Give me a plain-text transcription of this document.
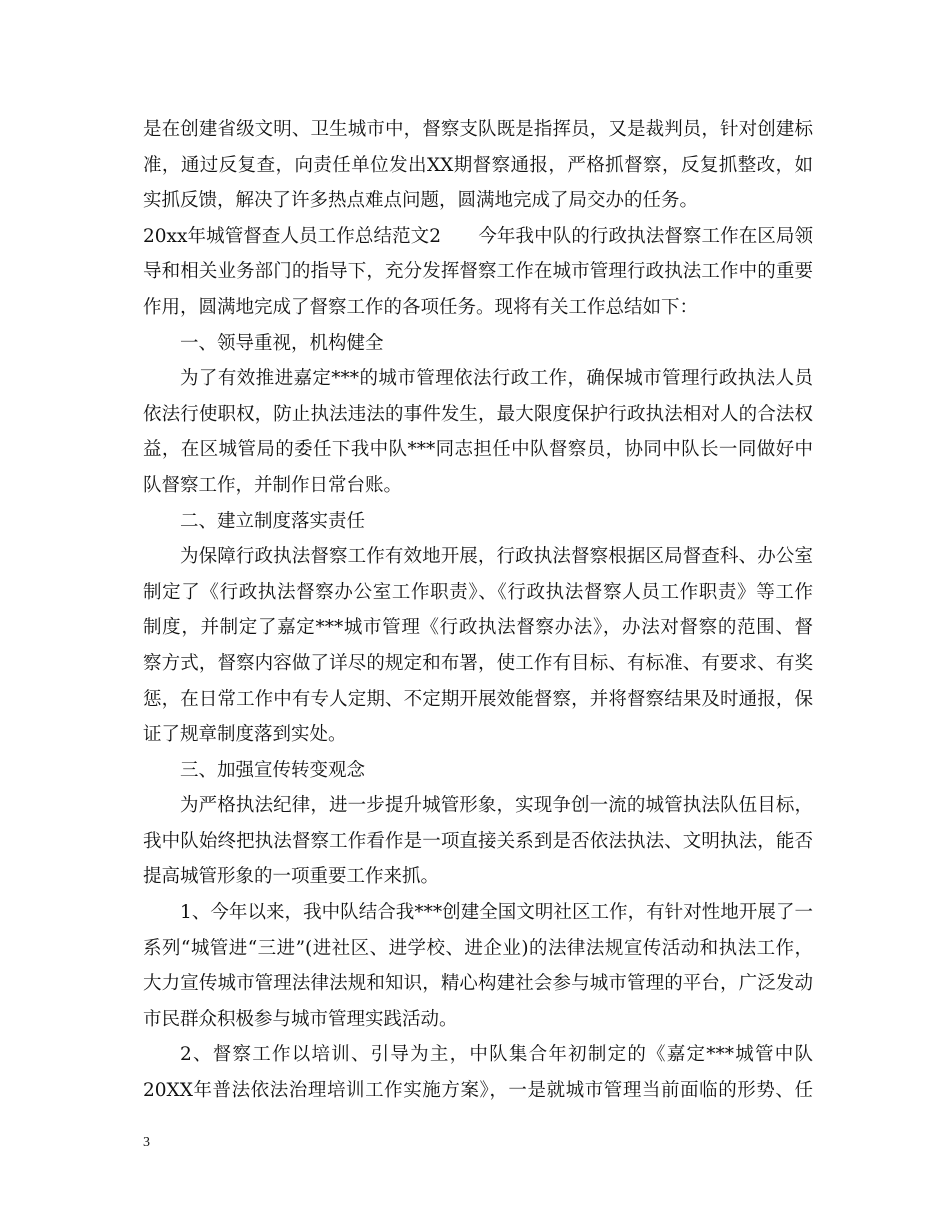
是在创建省级文明、卫生城市中，督察支队既是指挥员，又是裁判员，针对创建标
准，通过反复查，向责任单位发出XX期督察通报，严格抓督察，反复抓整改，如
实抓反馈，解决了许多热点难点问题，圆满地完成了局交办的任务。
20xx年城管督查人员工作总结范文2　　今年我中队的行政执法督察工作在区局领
导和相关业务部门的指导下，充分发挥督察工作在城市管理行政执法工作中的重要
作用，圆满地完成了督察工作的各项任务。现将有关工作总结如下：
一、领导重视，机构健全
为了有效推进嘉定***的城市管理依法行政工作，确保城市管理行政执法人员
依法行使职权，防止执法违法的事件发生，最大限度保护行政执法相对人的合法权
益，在区城管局的委任下我中队***同志担任中队督察员，协同中队长一同做好中
队督察工作，并制作日常台账。
二、建立制度落实责任
为保障行政执法督察工作有效地开展，行政执法督察根据区局督查科、办公室
制定了《行政执法督察办公室工作职责》、《行政执法督察人员工作职责》等工作
制度，并制定了嘉定***城市管理《行政执法督察办法》，办法对督察的范围、督
察方式，督察内容做了详尽的规定和布署，使工作有目标、有标准、有要求、有奖
惩，在日常工作中有专人定期、不定期开展效能督察，并将督察结果及时通报，保
证了规章制度落到实处。
三、加强宣传转变观念
为严格执法纪律，进一步提升城管形象，实现争创一流的城管执法队伍目标，
我中队始终把执法督察工作看作是一项直接关系到是否依法执法、文明执法，能否
提高城管形象的一项重要工作来抓。
1、今年以来，我中队结合我***创建全国文明社区工作，有针对性地开展了一
系列“城管进“三进”(进社区、进学校、进企业)的法律法规宣传活动和执法工作，
大力宣传城市管理法律法规和知识，精心构建社会参与城市管理的平台，广泛发动
市民群众积极参与城市管理实践活动。
2、督察工作以培训、引导为主，中队集合年初制定的《嘉定***城管中队
20XX年普法依法治理培训工作实施方案》，一是就城市管理当前面临的形势、任
3
